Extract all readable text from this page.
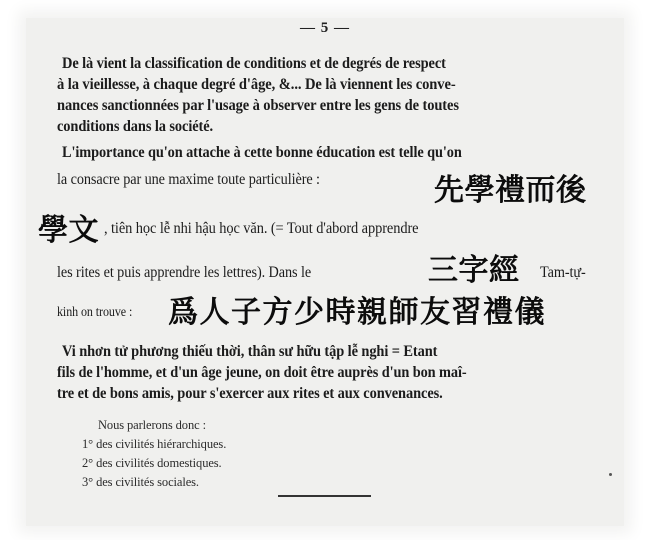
— 5 —
De là vient la classification de conditions et de degrés de respect
à la vieillesse, à chaque degré d'âge, &... De là viennent les conve-
nances sanctionnées par l'usage à observer entre les gens de toutes
conditions dans la société.
L'importance qu'on attache à cette bonne éducation est telle qu'on
la consacre par une maxime toute particulière :	先學禮而後
學文 , tiên học lễ nhi hậu học văn. (= Tout d'abord apprendre
les rites et puis apprendre les lettres). Dans le	三字經 Tam-tự-
kinh on trouve : 爲人子方少時親師友習禮儀
Vi nhơn tử phương thiếu thời, thân sư hữu tập lễ nghi = Etant
fils de l'homme, et d'un âge jeune, on doit être auprès d'un bon maî-
tre et de bons amis, pour s'exercer aux rites et aux convenances.
Nous parlerons donc :
1° des civilités hiérarchiques.
2° des civilités domestiques.
3° des civilités sociales.
